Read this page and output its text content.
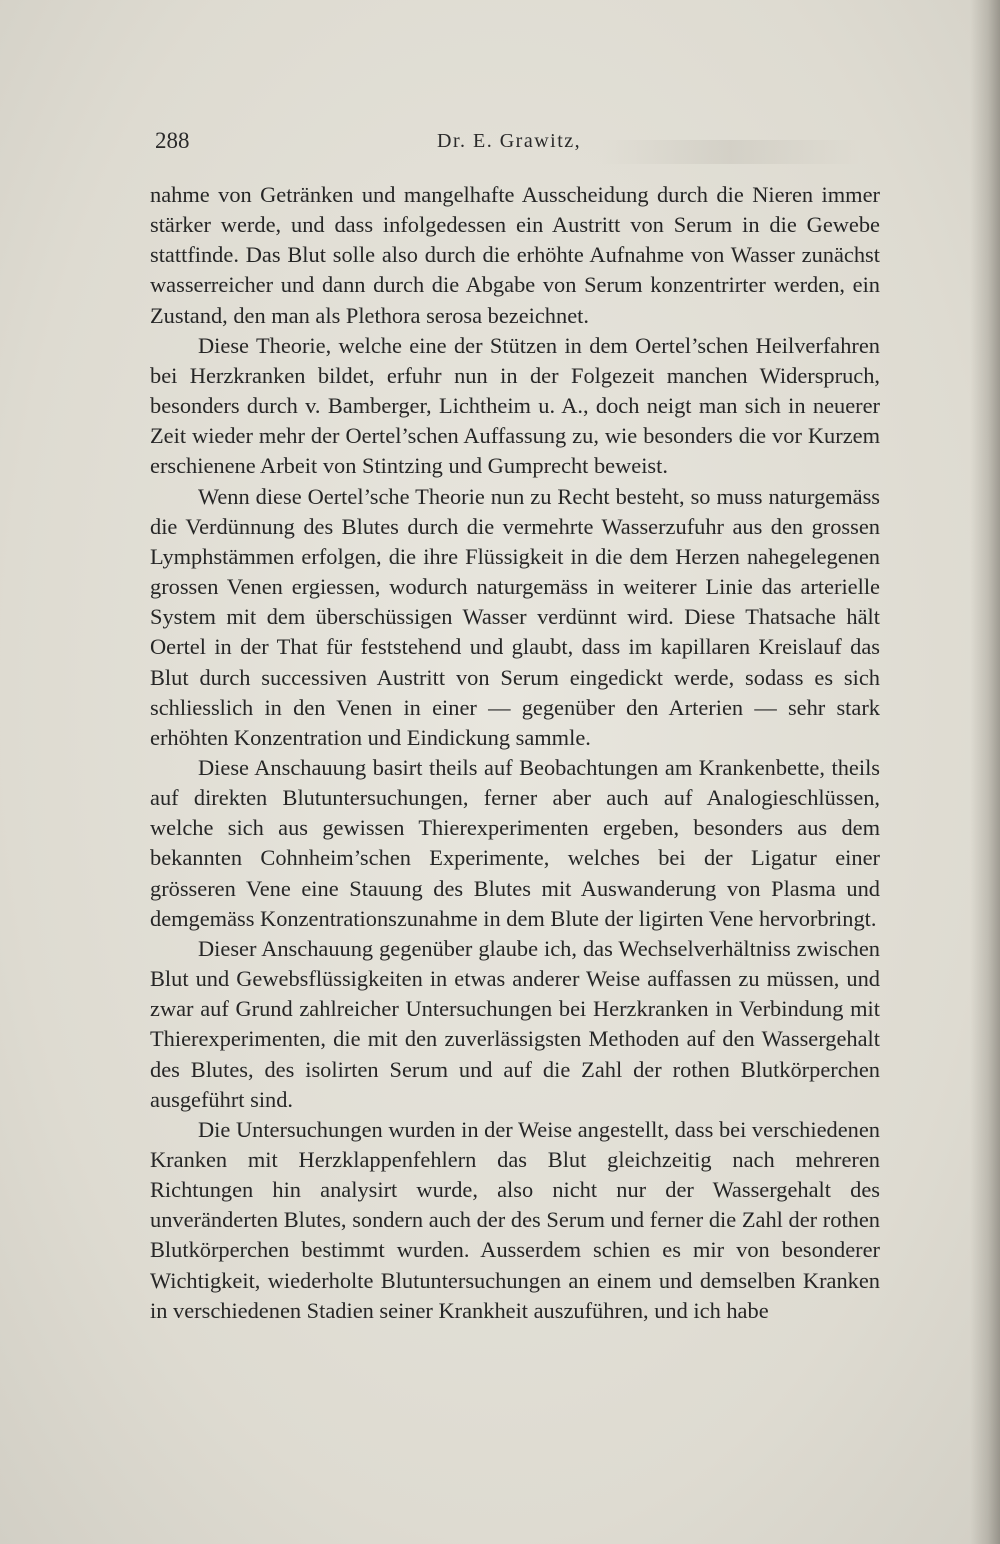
288	Dr. E. Grawitz,

nahme von Getränken und mangelhafte Ausscheidung durch die Nieren immer stärker werde, und dass infolgedessen ein Austritt von Serum in die Gewebe stattfinde. Das Blut solle also durch die erhöhte Aufnahme von Wasser zunächst wasserreicher und dann durch die Abgabe von Serum konzentrirter werden, ein Zustand, den man als Plethora serosa bezeichnet.

Diese Theorie, welche eine der Stützen in dem Oertel’schen Heilverfahren bei Herzkranken bildet, erfuhr nun in der Folgezeit manchen Widerspruch, besonders durch v. Bamberger, Lichtheim u. A., doch neigt man sich in neuerer Zeit wieder mehr der Oertel’schen Auffassung zu, wie besonders die vor Kurzem erschienene Arbeit von Stintzing und Gumprecht beweist.

Wenn diese Oertel’sche Theorie nun zu Recht besteht, so muss naturgemäss die Verdünnung des Blutes durch die vermehrte Wasserzufuhr aus den grossen Lymphstämmen erfolgen, die ihre Flüssigkeit in die dem Herzen nahegelegenen grossen Venen ergiessen, wodurch naturgemäss in weiterer Linie das arterielle System mit dem überschüssigen Wasser verdünnt wird. Diese Thatsache hält Oertel in der That für feststehend und glaubt, dass im kapillaren Kreislauf das Blut durch successiven Austritt von Serum eingedickt werde, sodass es sich schliesslich in den Venen in einer — gegenüber den Arterien — sehr stark erhöhten Konzentration und Eindickung sammle.

Diese Anschauung basirt theils auf Beobachtungen am Krankenbette, theils auf direkten Blutuntersuchungen, ferner aber auch auf Analogieschlüssen, welche sich aus gewissen Thierexperimenten ergeben, besonders aus dem bekannten Cohnheim’schen Experimente, welches bei der Ligatur einer grösseren Vene eine Stauung des Blutes mit Auswanderung von Plasma und demgemäss Konzentrationszunahme in dem Blute der ligirten Vene hervorbringt.

Dieser Anschauung gegenüber glaube ich, das Wechselverhältniss zwischen Blut und Gewebsflüssigkeiten in etwas anderer Weise auffassen zu müssen, und zwar auf Grund zahlreicher Untersuchungen bei Herzkranken in Verbindung mit Thierexperimenten, die mit den zuverlässigsten Methoden auf den Wassergehalt des Blutes, des isolirten Serum und auf die Zahl der rothen Blutkörperchen ausgeführt sind.

Die Untersuchungen wurden in der Weise angestellt, dass bei verschiedenen Kranken mit Herzklappenfehlern das Blut gleichzeitig nach mehreren Richtungen hin analysirt wurde, also nicht nur der Wassergehalt des unveränderten Blutes, sondern auch der des Serum und ferner die Zahl der rothen Blutkörperchen bestimmt wurden. Ausserdem schien es mir von besonderer Wichtigkeit, wiederholte Blutuntersuchungen an einem und demselben Kranken in verschiedenen Stadien seiner Krankheit auszuführen, und ich habe
